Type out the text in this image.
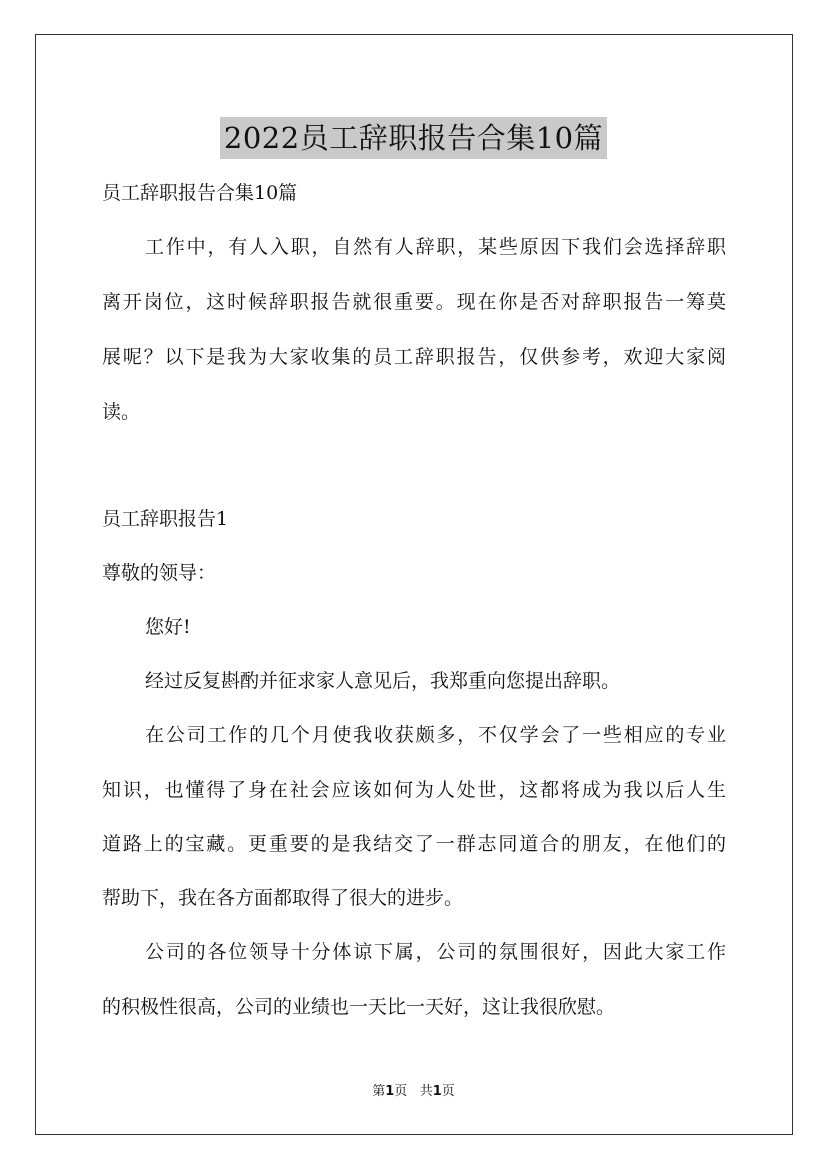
2022员工辞职报告合集10篇
员工辞职报告合集10篇
工作中，有人入职，自然有人辞职，某些原因下我们会选择辞职
离开岗位，这时候辞职报告就很重要。现在你是否对辞职报告一筹莫
展呢？以下是我为大家收集的员工辞职报告，仅供参考，欢迎大家阅
读。
员工辞职报告1
尊敬的领导：
您好!
经过反复斟酌并征求家人意见后，我郑重向您提出辞职。
在公司工作的几个月使我收获颇多，不仅学会了一些相应的专业
知识，也懂得了身在社会应该如何为人处世，这都将成为我以后人生
道路上的宝藏。更重要的是我结交了一群志同道合的朋友，在他们的
帮助下，我在各方面都取得了很大的进步。
公司的各位领导十分体谅下属，公司的氛围很好，因此大家工作
的积极性很高，公司的业绩也一天比一天好，这让我很欣慰。
第1页 共1页
